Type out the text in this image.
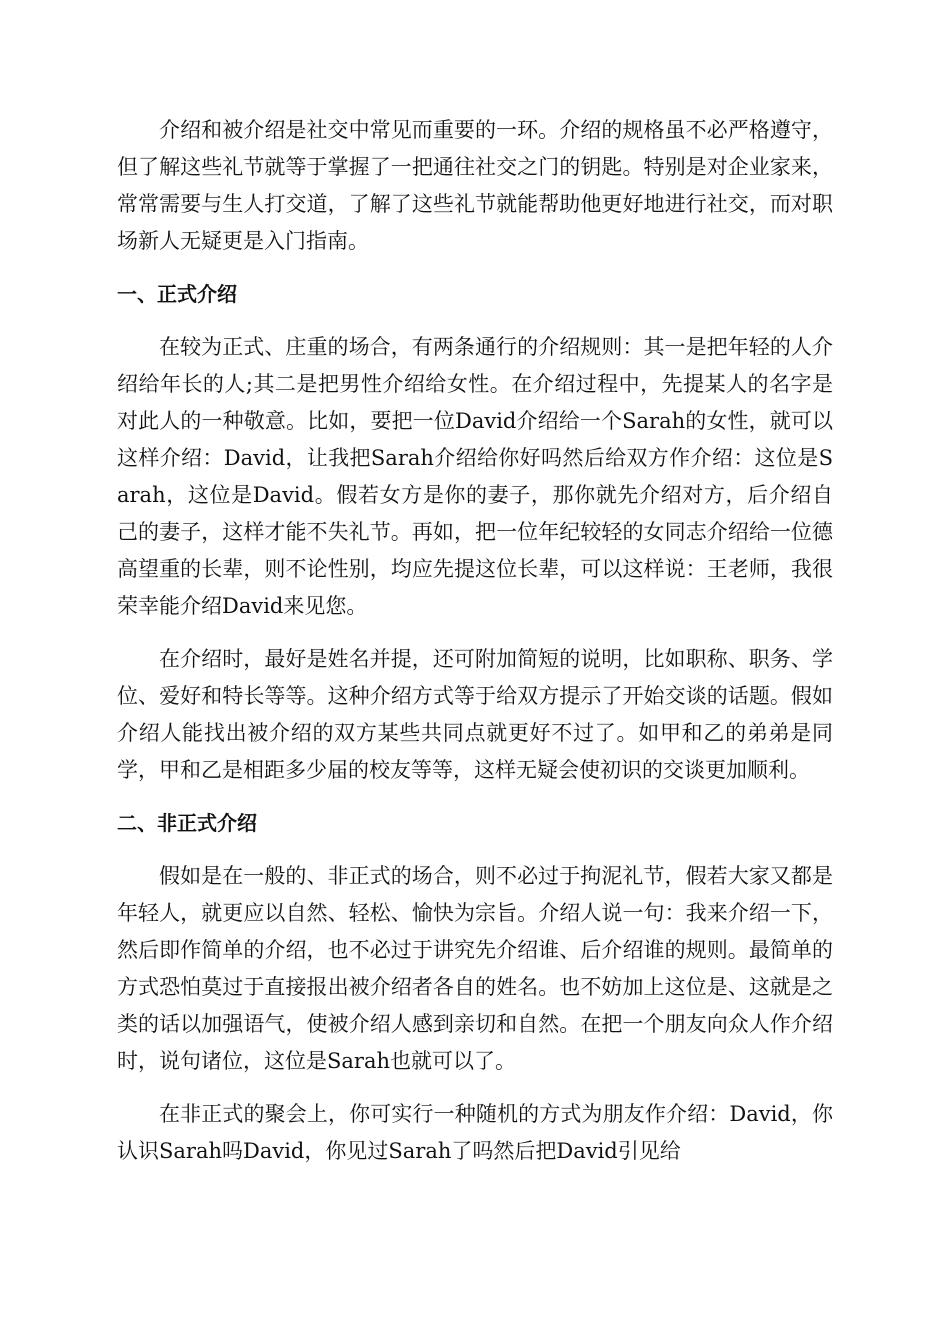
介绍和被介绍是社交中常见而重要的一环。介绍的规格虽不必严格遵守，但了解这些礼节就等于掌握了一把通往社交之门的钥匙。特别是对企业家来，常常需要与生人打交道，了解了这些礼节就能帮助他更好地进行社交，而对职场新人无疑更是入门指南。

一、正式介绍

在较为正式、庄重的场合，有两条通行的介绍规则：其一是把年轻的人介绍给年长的人;其二是把男性介绍给女性。在介绍过程中，先提某人的名字是对此人的一种敬意。比如，要把一位David介绍给一个Sarah的女性，就可以这样介绍：David，让我把Sarah介绍给你好吗然后给双方作介绍：这位是Sarah，这位是David。假若女方是你的妻子，那你就先介绍对方，后介绍自己的妻子，这样才能不失礼节。再如，把一位年纪较轻的女同志介绍给一位德高望重的长辈，则不论性别，均应先提这位长辈，可以这样说：王老师，我很荣幸能介绍David来见您。

在介绍时，最好是姓名并提，还可附加简短的说明，比如职称、职务、学位、爱好和特长等等。这种介绍方式等于给双方提示了开始交谈的话题。假如介绍人能找出被介绍的双方某些共同点就更好不过了。如甲和乙的弟弟是同学，甲和乙是相距多少届的校友等等，这样无疑会使初识的交谈更加顺利。

二、非正式介绍

假如是在一般的、非正式的场合，则不必过于拘泥礼节，假若大家又都是年轻人，就更应以自然、轻松、愉快为宗旨。介绍人说一句：我来介绍一下，然后即作简单的介绍，也不必过于讲究先介绍谁、后介绍谁的规则。最简单的方式恐怕莫过于直接报出被介绍者各自的姓名。也不妨加上这位是、这就是之类的话以加强语气，使被介绍人感到亲切和自然。在把一个朋友向众人作介绍时，说句诸位，这位是Sarah也就可以了。

在非正式的聚会上，你可实行一种随机的方式为朋友作介绍：David，你认识Sarah吗David，你见过Sarah了吗然后把David引见给
